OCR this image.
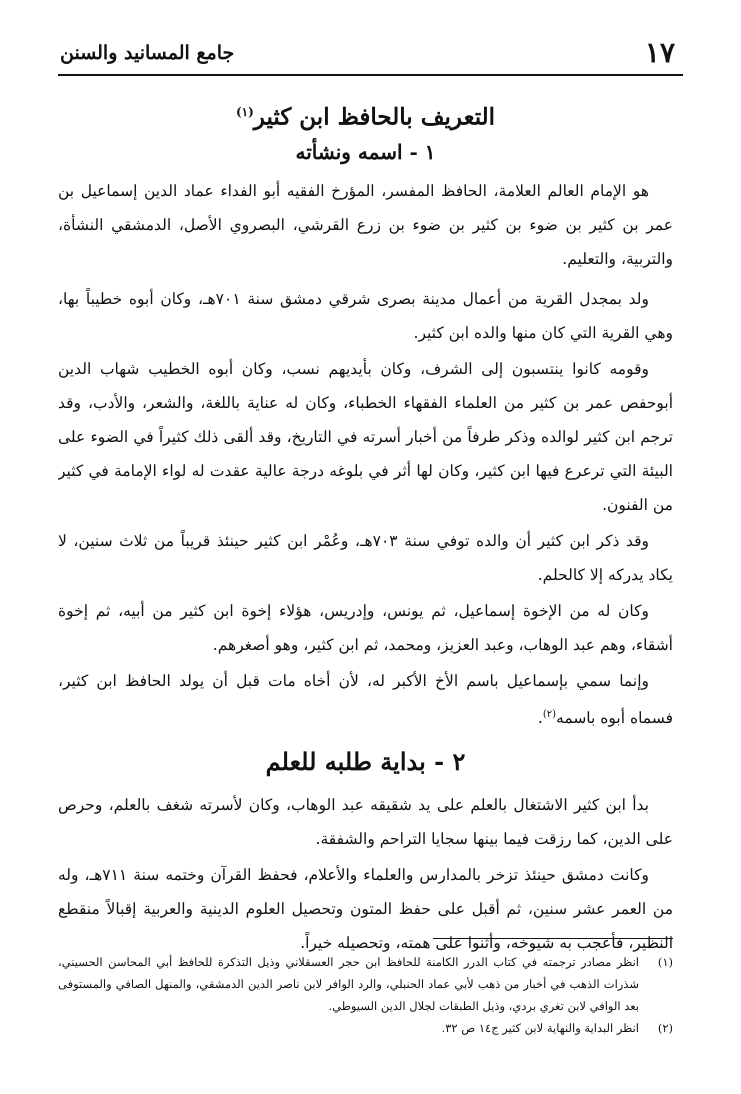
١٧
جامع المسانيد والسنن
التعريف بالحافظ ابن كثير$^{(١)}$
١ - اسمه ونشأته

هو الإمام العالم العلامة، الحافظ المفسر، المؤرخ الفقيه أبو الفداء عماد الدين إسماعيل بن عمر بن كثير بن ضوء بن كثير بن ضوء بن زرع القرشي، البصروي الأصل، الدمشقي النشأة، والتربية، والتعليم.

ولد بمجدل القرية من أعمال مدينة بصرى شرقي دمشق سنة ٧٠١هـ، وكان أبوه خطيباً بها، وهي القرية التي كان منها والده ابن كثير.

وقومه كانوا ينتسبون إلى الشرف، وكان بأيديهم نسب، وكان أبوه الخطيب شهاب الدين أبوحفص عمر بن كثير من العلماء الفقهاء الخطباء، وكان له عناية باللغة، والشعر، والأدب، وقد ترجم ابن كثير لوالده وذكر طرفاً من أخبار أسرته في التاريخ، وقد ألقى ذلك كثيراً في الضوء على البيئة التي ترعرع فيها ابن كثير، وكان لها أثر في بلوغه درجة عالية عقدت له لواء الإمامة في كثير من الفنون.

وقد ذكر ابن كثير أن والده توفي سنة ٧٠٣هـ، وعُمْر ابن كثير حينئذ قريباً من ثلاث سنين، لا يكاد يدركه إلا كالحلم.

وكان له من الإخوة إسماعيل، ثم يونس، وإدريس، هؤلاء إخوة ابن كثير من أبيه، ثم إخوة أشقاء، وهم عبد الوهاب، وعبد العزيز، ومحمد، ثم ابن كثير، وهو أصغرهم.

وإنما سمي بإسماعيل باسم الأخ الأكبر له، لأن أخاه مات قبل أن يولد الحافظ ابن كثير، فسماه أبوه باسمه$^{(٢)}$.

٢ - بداية طلبه للعلم

بدأ ابن كثير الاشتغال بالعلم على يد شقيقه عبد الوهاب، وكان لأسرته شغف بالعلم، وحرص على الدين، كما رزقت فيما بينها سجايا التراحم والشفقة.

وكانت دمشق حينئذ تزخر بالمدارس والعلماء والأعلام، فحفظ القرآن وختمه سنة ٧١١هـ، وله من العمر عشر سنين، ثم أقبل على حفظ المتون وتحصيل العلوم الدينية والعربية إقبالاً منقطع النظير، فأعجب به شيوخه، وأثنوا على همته، وتحصيله خيراً.

(١)
انظر مصادر ترجمته في كتاب الدرر الكامنة للحافظ ابن حجر العسقلاني وذيل التذكرة للحافظ أبي المحاسن الحسيني، شذرات الذهب في أخبار من ذهب لأبي عماد الحنبلي، والرد الوافر لابن ناصر الدين الدمشقي، والمنهل الصافي والمستوفى بعد الوافي لابن تغري بردي، وذيل الطبقات لجلال الدين السيوطي.
(٢)
انظر البداية والنهاية لابن كثير ج١٤ ص ٣٢.
